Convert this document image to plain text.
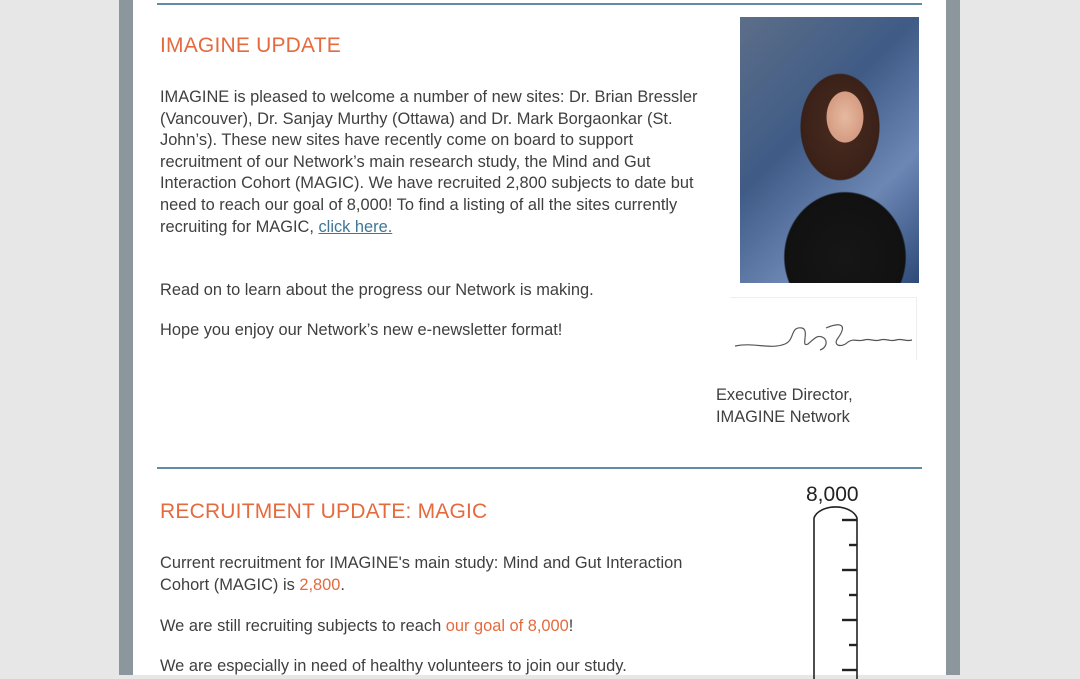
IMAGINE UPDATE

IMAGINE is pleased to welcome a number of new sites: Dr. Brian Bressler (Vancouver), Dr. Sanjay Murthy (Ottawa) and Dr. Mark Borgaonkar (St. John’s). These new sites have recently come on board to support recruitment of our Network’s main research study, the Mind and Gut Interaction Cohort (MAGIC). We have recruited 2,800 subjects to date but need to reach our goal of 8,000! To find a listing of all the sites currently recruiting for MAGIC, click here.

Read on to learn about the progress our Network is making.

Hope you enjoy our Network’s new e-newsletter format!

Executive Director,
IMAGINE Network

RECRUITMENT UPDATE: MAGIC

Current recruitment for IMAGINE's main study: Mind and Gut Interaction Cohort (MAGIC) is 2,800.

We are still recruiting subjects to reach our goal of 8,000!

We are especially in need of healthy volunteers to join our study.

8,000
